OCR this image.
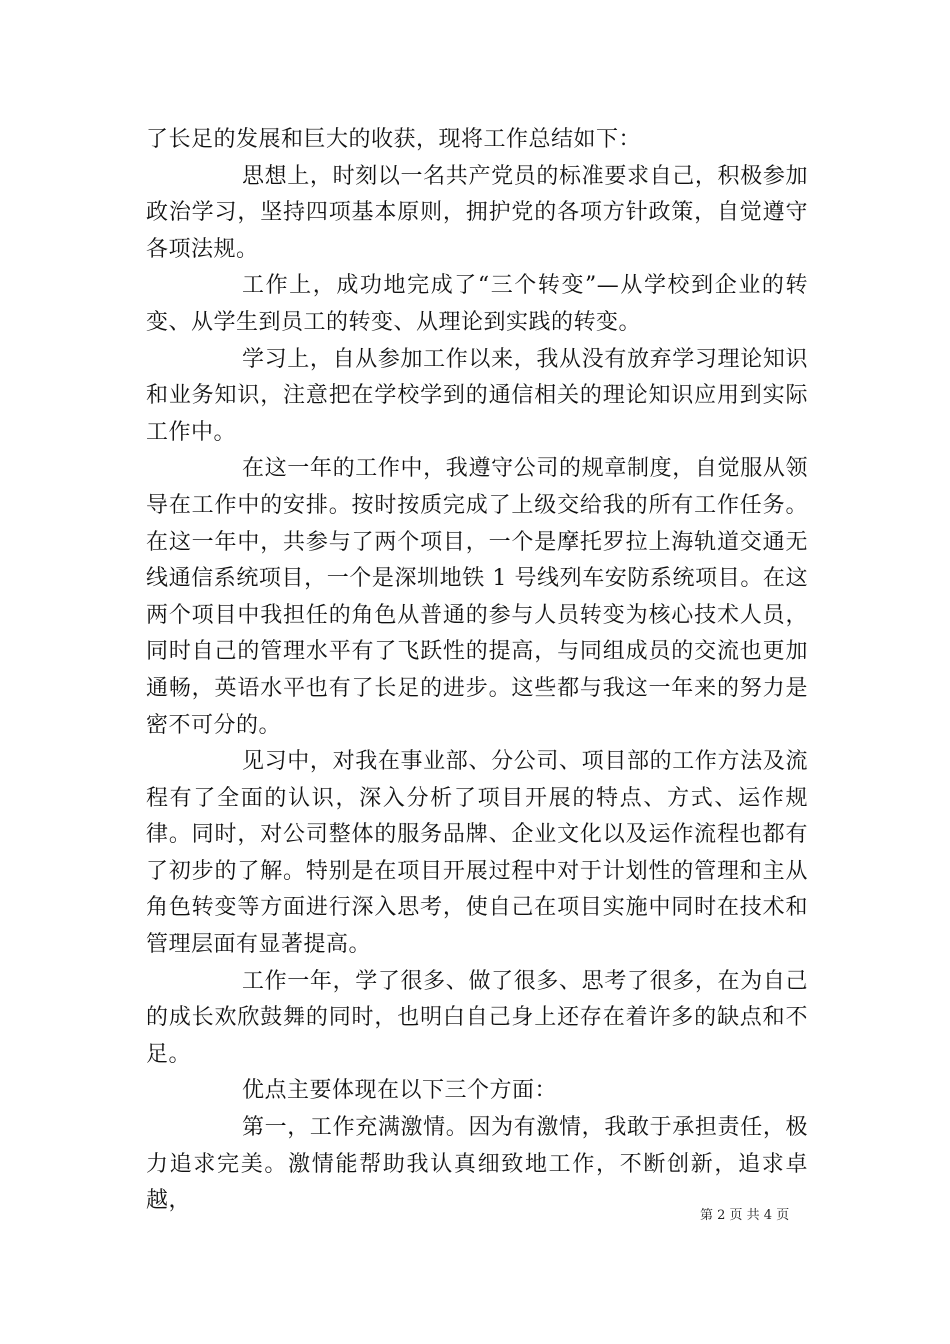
了长足的发展和巨大的收获，现将工作总结如下：

思想上，时刻以一名共产党员的标准要求自己，积极参加政治学习，坚持四项基本原则，拥护党的各项方针政策，自觉遵守各项法规。

工作上，成功地完成了“三个转变”—从学校到企业的转变、从学生到员工的转变、从理论到实践的转变。

学习上，自从参加工作以来，我从没有放弃学习理论知识和业务知识，注意把在学校学到的通信相关的理论知识应用到实际工作中。

在这一年的工作中，我遵守公司的规章制度，自觉服从领导在工作中的安排。按时按质完成了上级交给我的所有工作任务。在这一年中，共参与了两个项目，一个是摩托罗拉上海轨道交通无线通信系统项目，一个是深圳地铁 1 号线列车安防系统项目。在这两个项目中我担任的角色从普通的参与人员转变为核心技术人员，同时自己的管理水平有了飞跃性的提高，与同组成员的交流也更加通畅，英语水平也有了长足的进步。这些都与我这一年来的努力是密不可分的。

见习中，对我在事业部、分公司、项目部的工作方法及流程有了全面的认识，深入分析了项目开展的特点、方式、运作规律。同时，对公司整体的服务品牌、企业文化以及运作流程也都有了初步的了解。特别是在项目开展过程中对于计划性的管理和主从角色转变等方面进行深入思考，使自己在项目实施中同时在技术和管理层面有显著提高。

工作一年，学了很多、做了很多、思考了很多，在为自己的成长欢欣鼓舞的同时，也明白自己身上还存在着许多的缺点和不足。

优点主要体现在以下三个方面：

第一，工作充满激情。因为有激情，我敢于承担责任，极力追求完美。激情能帮助我认真细致地工作，不断创新，追求卓越，

第 2 页 共 4 页
